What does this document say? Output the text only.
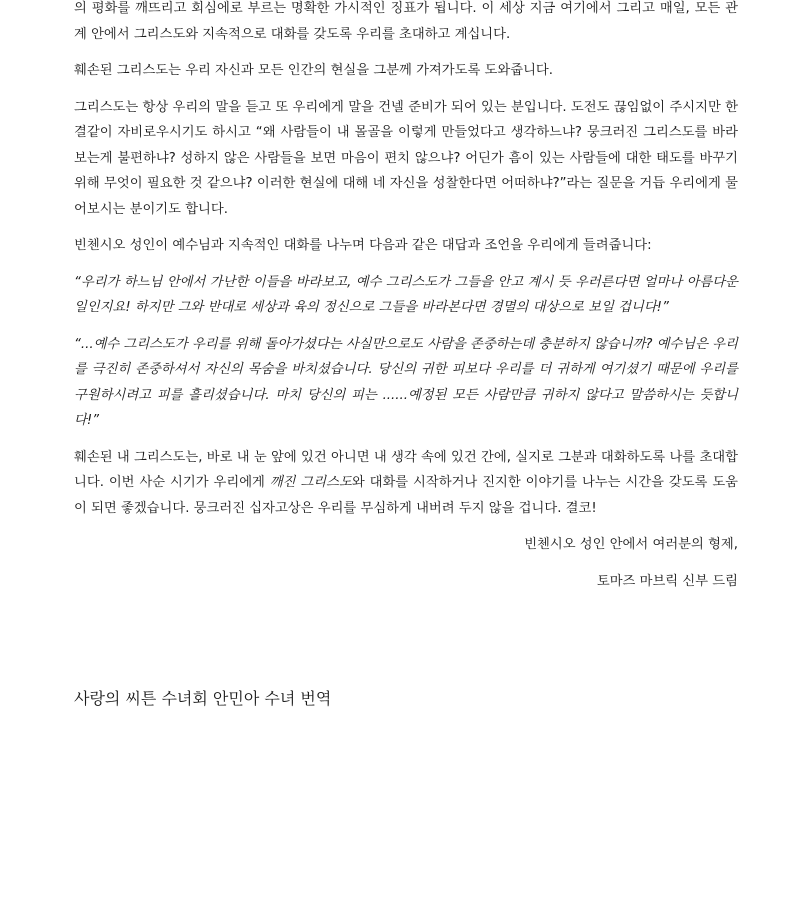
의 평화를 깨뜨리고 회심에로 부르는 명확한 가시적인 징표가 됩니다. 이 세상 지금 여기에서 그리고 매일, 모든 관계 안에서 그리스도와 지속적으로 대화를 갖도록 우리를 초대하고 계십니다.

훼손된 그리스도는 우리 자신과 모든 인간의 현실을 그분께 가져가도록 도와줍니다.

그리스도는 항상 우리의 말을 듣고 또 우리에게 말을 건넬 준비가 되어 있는 분입니다. 도전도 끊임없이 주시지만 한결같이 자비로우시기도 하시고 “왜 사람들이 내 몰골을 이렇게 만들었다고 생각하느냐? 뭉크러진 그리스도를 바라보는게 불편하냐? 성하지 않은 사람들을 보면 마음이 편치 않으냐? 어딘가 흠이 있는 사람들에 대한 태도를 바꾸기 위해 무엇이 필요한 것 같으냐? 이러한 현실에 대해 네 자신을 성찰한다면 어떠하냐?”라는 질문을 거듭 우리에게 물어보시는 분이기도 합니다.

빈첸시오 성인이 예수님과 지속적인 대화를 나누며 다음과 같은 대답과 조언을 우리에게 들려줍니다:

“우리가 하느님 안에서 가난한 이들을 바라보고, 예수 그리스도가 그들을 안고 계시 듯 우러른다면 얼마나 아름다운 일인지요! 하지만 그와 반대로 세상과 육의 정신으로 그들을 바라본다면 경멸의 대상으로 보일 겁니다!”

“...예수 그리스도가 우리를 위해 돌아가셨다는 사실만으로도 사람을 존중하는데 충분하지 않습니까? 예수님은 우리를 극진히 존중하셔서 자신의 목숨을 바치셨습니다. 당신의 귀한 피보다 우리를 더 귀하게 여기셨기 때문에 우리를 구원하시려고 피를 흘리셨습니다. 마치 당신의 피는 ......예정된 모든 사람만큼 귀하지 않다고 말씀하시는 듯합니다!”

훼손된 내 그리스도는, 바로 내 눈 앞에 있건 아니면 내 생각 속에 있건 간에, 실지로 그분과 대화하도록 나를 초대합니다. 이번 사순 시기가 우리에게 깨진 그리스도와 대화를 시작하거나 진지한 이야기를 나누는 시간을 갖도록 도움이 되면 좋겠습니다. 뭉크러진 십자고상은 우리를 무심하게 내버려 두지 않을 겁니다. 결코!

빈첸시오 성인 안에서 여러분의 형제,

토마즈 마브릭 신부 드림

사랑의 씨튼 수녀회 안민아 수녀 번역
